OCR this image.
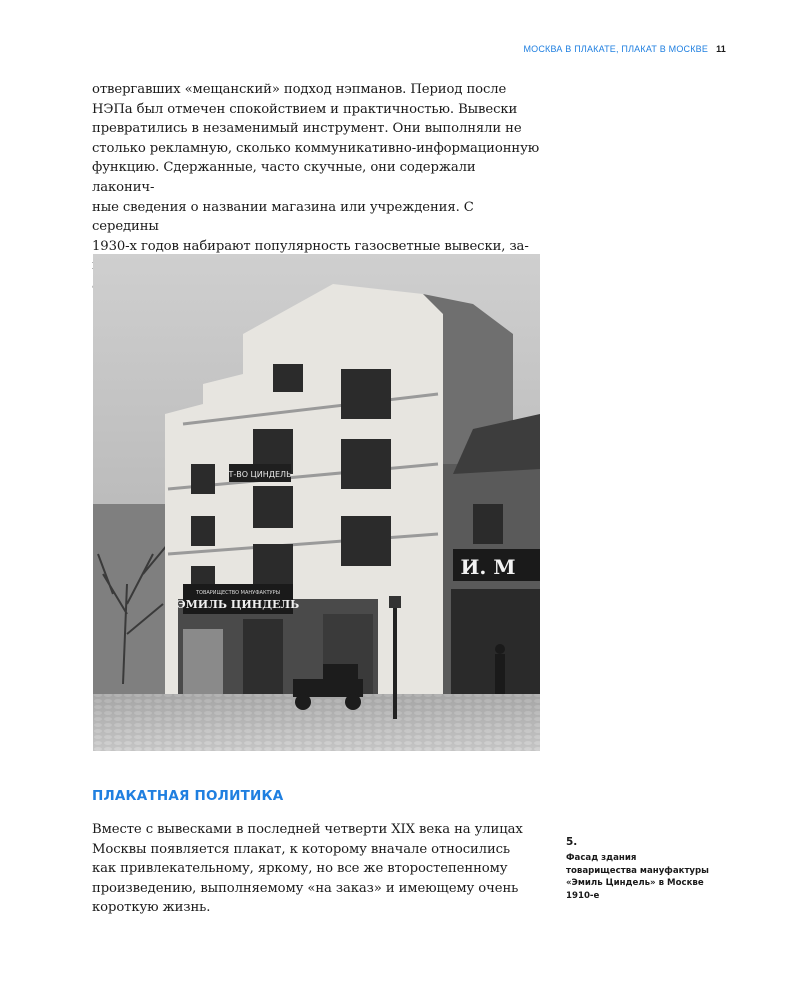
МОСКВА В ПЛАКАТЕ, ПЛАКАТ В МОСКВЕ 11

отвергавших «мещанский» подход нэпманов. Период после
НЭПа был отмечен спокойствием и практичностью. Вывески
превратились в незаменимый инструмент. Они выполняли не
столько рекламную, сколько коммуникативно-информационную
функцию. Сдержанные, часто скучные, они содержали лаконич-
ные сведения о названии магазина или учреждения. С середины
1930-х годов набирают популярность газосветные вывески, за-

Т-ВО ЦИНДЕЛЬ
ТОВАРИЩЕСТВО МАНУФАКТУРЫ
ЭМИЛЬ ЦИНДЕЛЬ
И. М
ПЛАКАТНАЯ ПОЛИТИКА

Вместе с вывесками в последней четверти XIX века на улицах
Москвы появляется плакат, к которому вначале относились
как привлекательному, яркому, но все же второстепенному
произведению, выполняемому «на заказ» и имеющему очень
короткую жизнь.

5.
Фасад здания
товарищества мануфактуры
«Эмиль Циндель» в Москве
1910-е
